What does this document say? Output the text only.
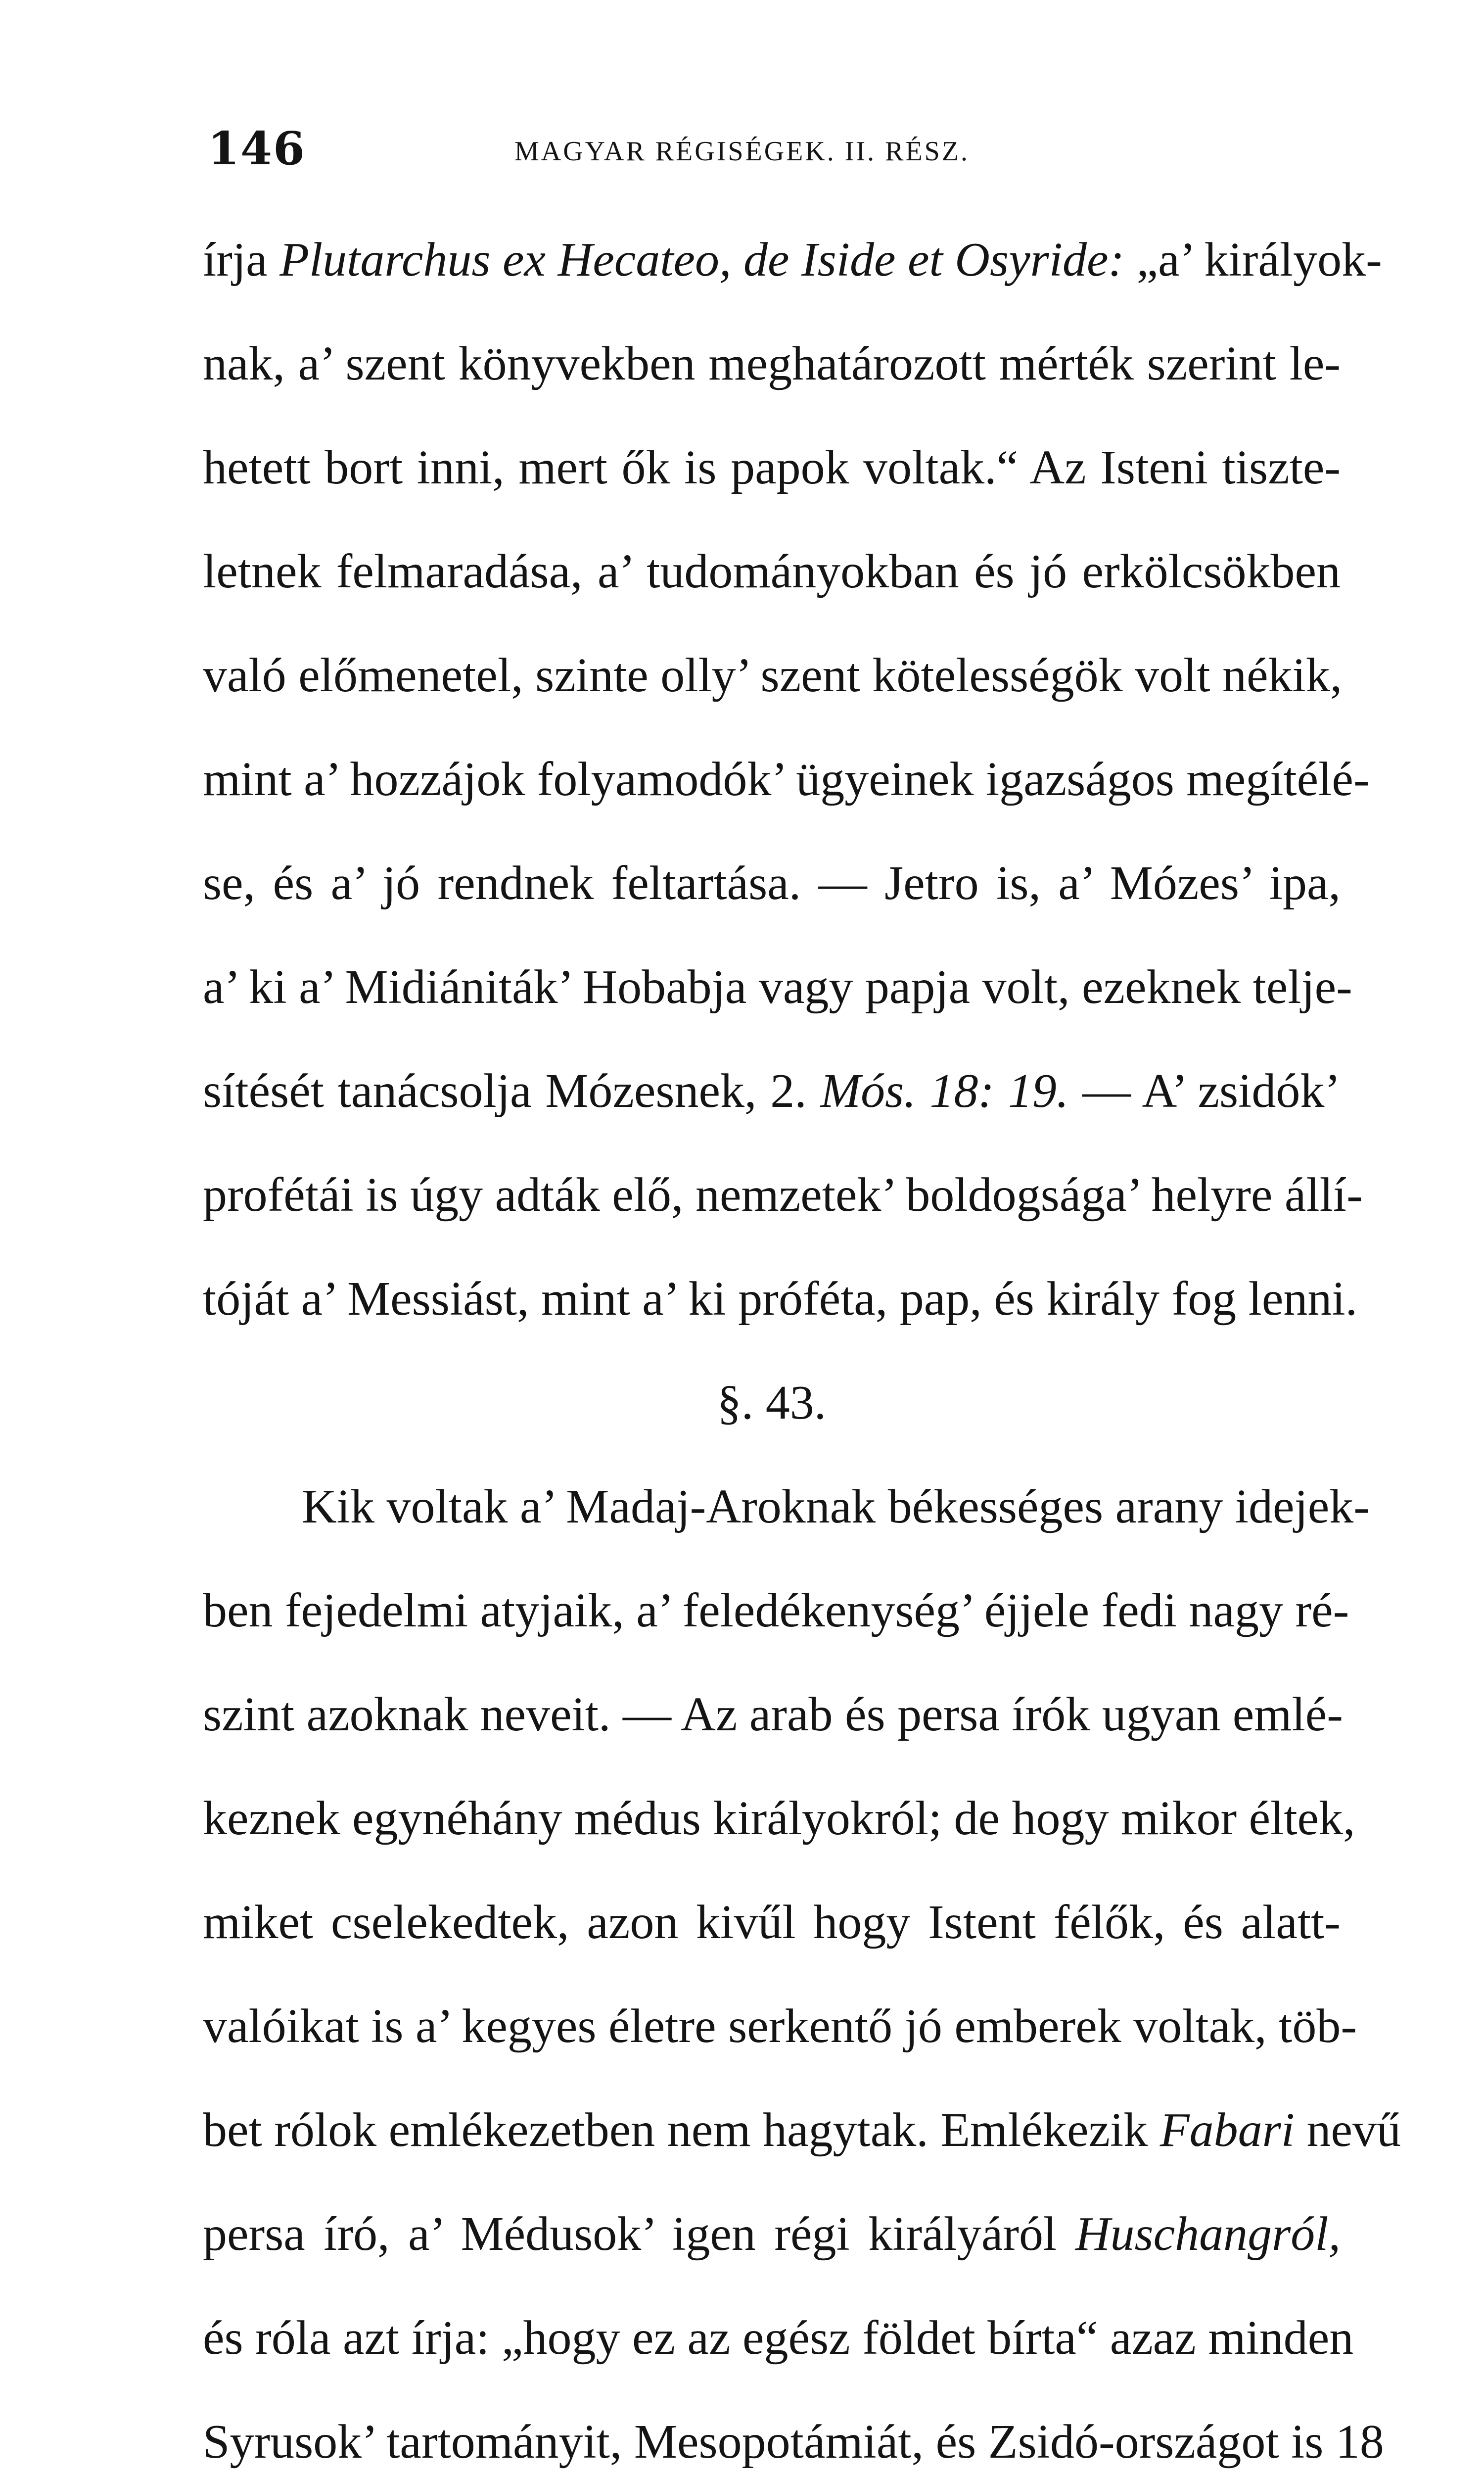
146	MAGYAR RÉGISÉGEK. II. RÉSZ.
írja Plutarchus ex Hecateo, de Iside et Osyride: „a’ királyok-
nak, a’ szent könyvekben meghatározott mérték szerint le-
hetett bort inni, mert ők is papok voltak.“ Az Isteni tiszte-
letnek felmaradása, a’ tudományokban és jó erkölcsökben
való előmenetel, szinte olly’ szent kötelességök volt nékik,
mint a’ hozzájok folyamodók’ ügyeinek igazságos megítélé-
se, és a’ jó rendnek feltartása. — Jetro is, a’ Mózes’ ipa,
a’ ki a’ Midiániták’ Hobabja vagy papja volt, ezeknek telje-
sítését tanácsolja Mózesnek, 2. Mós. 18: 19. — A’ zsidók’
profétái is úgy adták elő, nemzetek’ boldogsága’ helyre állí-
tóját a’ Messiást, mint a’ ki próféta, pap, és király fog lenni.
§. 43.
Kik voltak a’ Madaj-Aroknak békességes arany idejek-
ben fejedelmi atyjaik, a’ feledékenység’ éjjele fedi nagy ré-
szint azoknak neveit. — Az arab és persa írók ugyan emlé-
keznek egynéhány médus királyokról; de hogy mikor éltek,
miket cselekedtek, azon kivűl hogy Istent félők, és alatt-
valóikat is a’ kegyes életre serkentő jó emberek voltak, töb-
bet rólok emlékezetben nem hagytak. Emlékezik Fabari nevű
persa író, a’ Médusok’ igen régi királyáról Huschangról,
és róla azt írja: „hogy ez az egész földet bírta“ azaz minden
Syrusok’ tartományit, Mesopotámiát, és Zsidó-országot is 18
